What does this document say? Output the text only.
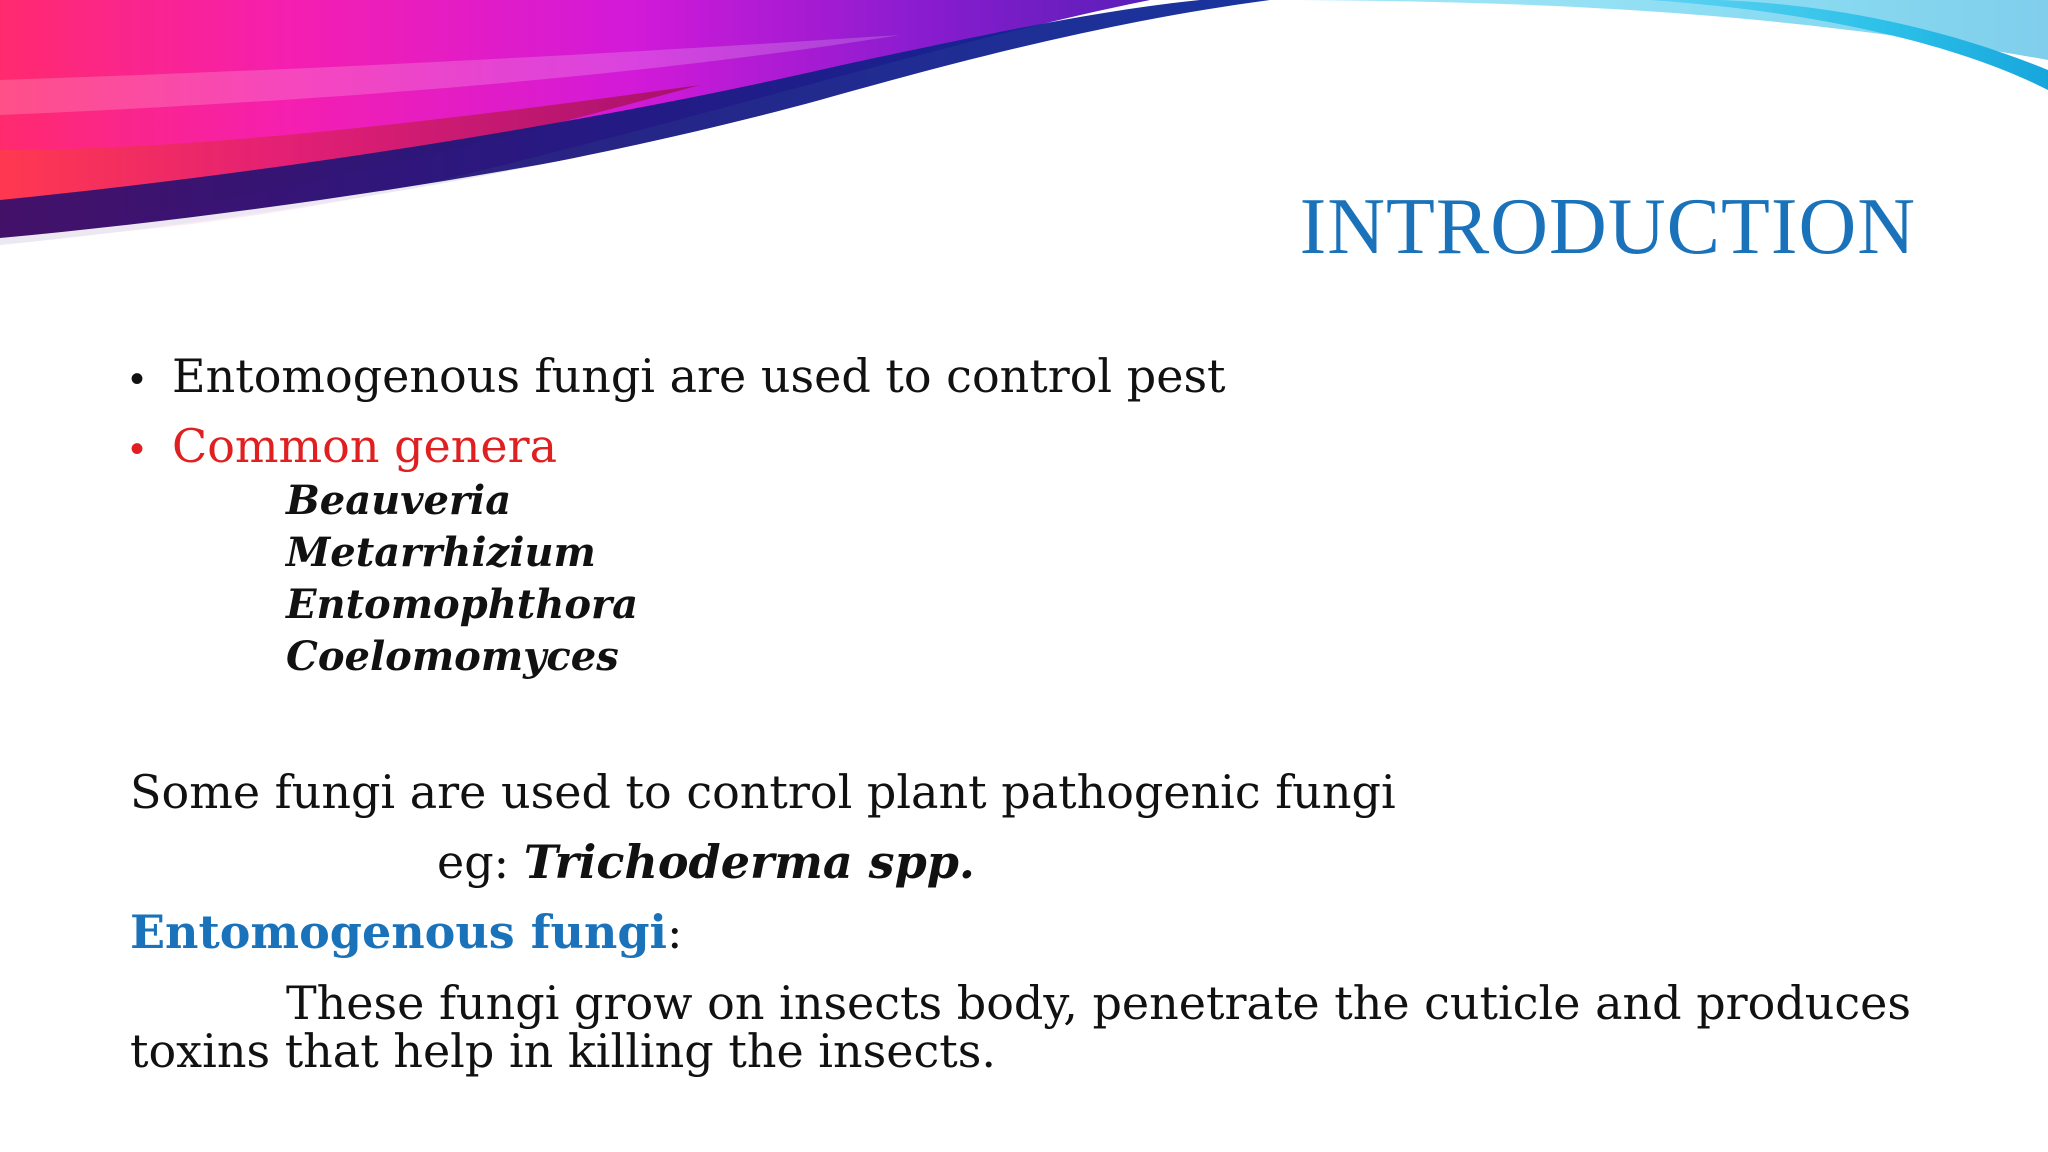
INTRODUCTION
• Entomogenous fungi are used to control pest
• Common genera
Beauveria
Metarrhizium
Entomophthora
Coelomomyces
Some fungi are used to control plant pathogenic fungi
eg: Trichoderma spp.
Entomogenous fungi:
These fungi grow on insects body, penetrate the cuticle and produces
toxins that help in killing the insects.
